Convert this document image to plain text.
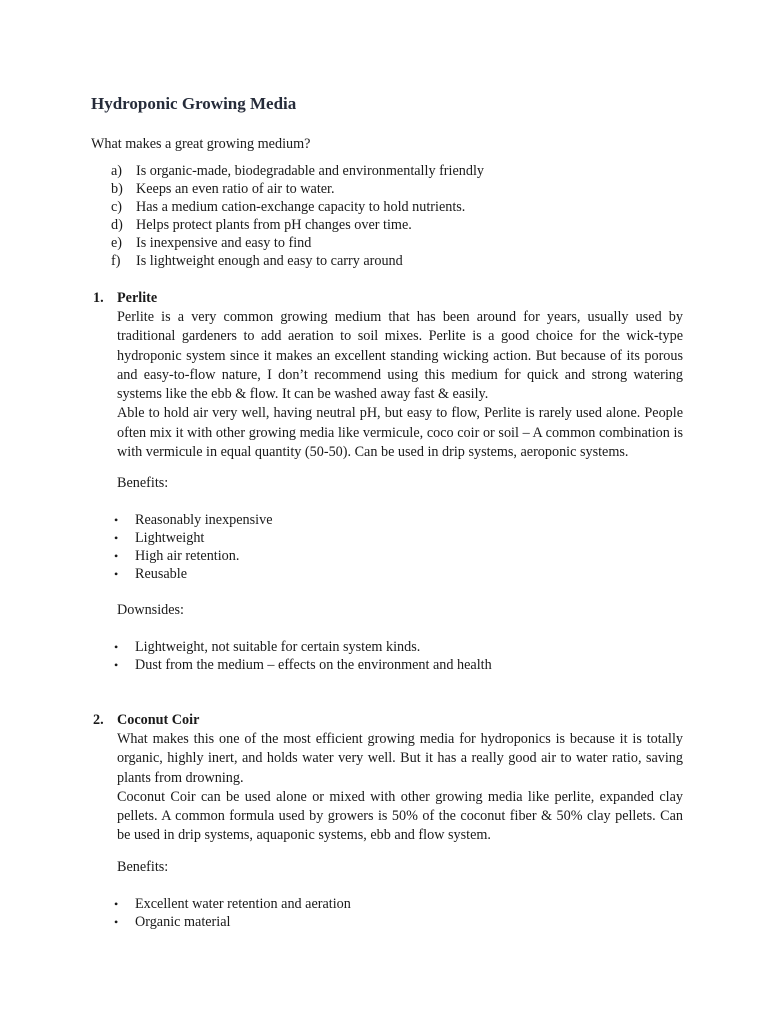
Hydroponic Growing Media

What makes a great growing medium?

a) Is organic-made, biodegradable and environmentally friendly
b) Keeps an even ratio of air to water.
c) Has a medium cation-exchange capacity to hold nutrients.
d) Helps protect plants from pH changes over time.
e) Is inexpensive and easy to find
f)	Is lightweight enough and easy to carry around
1. Perlite

Perlite is a very common growing medium that has been around for years, usually used by traditional gardeners to add aeration to soil mixes. Perlite is a good choice for the wick-type hydroponic system since it makes an excellent standing wicking action. But because of its porous and easy-to-flow nature, I don’t recommend using this medium for quick and strong watering systems like the ebb & flow. It can be washed away fast & easily.

Able to hold air very well, having neutral pH, but easy to flow, Perlite is rarely used alone. People often mix it with other growing media like vermicule, coco coir or soil – A common combination is with vermicule in equal quantity (50-50). Can be used in drip systems, aeroponic systems.

Benefits:
•	Reasonably inexpensive
•	Lightweight
•	High air retention.
•	Reusable
Downsides:
•	Lightweight, not suitable for certain system kinds.
•	Dust from the medium – effects on the environment and health
2. Coconut Coir

What makes this one of the most efficient growing media for hydroponics is because it is totally organic, highly inert, and holds water very well. But it has a really good air to water ratio, saving plants from drowning.

Coconut Coir can be used alone or mixed with other growing media like perlite, expanded clay pellets. A common formula used by growers is 50% of the coconut fiber & 50% clay pellets. Can be used in drip systems, aquaponic systems, ebb and flow system.

Benefits:
•	Excellent water retention and aeration
•	Organic material
